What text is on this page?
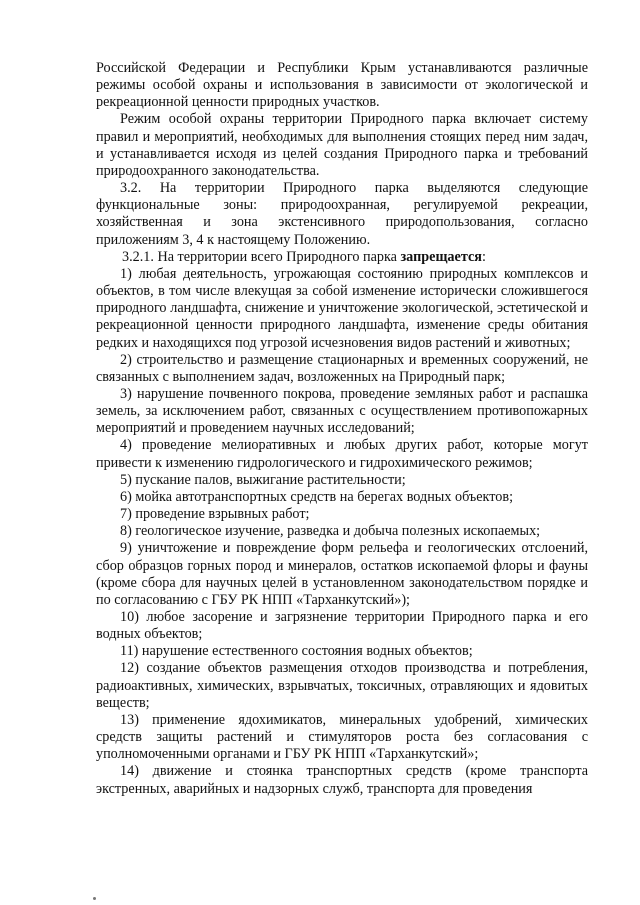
Российской Федерации и Республики Крым устанавливаются различные режимы особой охраны и использования в зависимости от экологической и рекреационной ценности природных участков.

Режим особой охраны территории Природного парка включает систему правил и мероприятий, необходимых для выполнения стоящих перед ним задач, и устанавливается исходя из целей создания Природного парка и требований природоохранного законодательства.

3.2. На территории Природного парка выделяются следующие функциональные зоны: природоохранная, регулируемой рекреации, хозяйственная и зона экстенсивного природопользования, согласно приложениям 3, 4 к настоящему Положению.

3.2.1. На территории всего Природного парка запрещается:

1) любая деятельность, угрожающая состоянию природных комплексов и объектов, в том числе влекущая за собой изменение исторически сложившегося природного ландшафта, снижение и уничтожение экологической, эстетической и рекреационной ценности природного ландшафта, изменение среды обитания редких и находящихся под угрозой исчезновения видов растений и животных;

2) строительство и размещение стационарных и временных сооружений, не связанных с выполнением задач, возложенных на Природный парк;

3) нарушение почвенного покрова, проведение земляных работ и распашка земель, за исключением работ, связанных с осуществлением противопожарных мероприятий и проведением научных исследований;

4) проведение мелиоративных и любых других работ, которые могут привести к изменению гидрологического и гидрохимического режимов;

5) пускание палов, выжигание растительности;

6) мойка автотранспортных средств на берегах водных объектов;

7) проведение взрывных работ;

8) геологическое изучение, разведка и добыча полезных ископаемых;

9) уничтожение и повреждение форм рельефа и геологических отслоений, сбор образцов горных пород и минералов, остатков ископаемой флоры и фауны (кроме сбора для научных целей в установленном законодательством порядке и по согласованию с ГБУ РК НПП «Тарханкутский»);

10) любое засорение и загрязнение территории Природного парка и его водных объектов;

11) нарушение естественного состояния водных объектов;

12) создание объектов размещения отходов производства и потребления, радиоактивных, химических, взрывчатых, токсичных, отравляющих и ядовитых веществ;

13) применение ядохимикатов, минеральных удобрений, химических средств защиты растений и стимуляторов роста без согласования с уполномоченными органами и ГБУ РК НПП «Тарханкутский»;

14) движение и стоянка транспортных средств (кроме транспорта экстренных, аварийных и надзорных служб, транспорта для проведения
